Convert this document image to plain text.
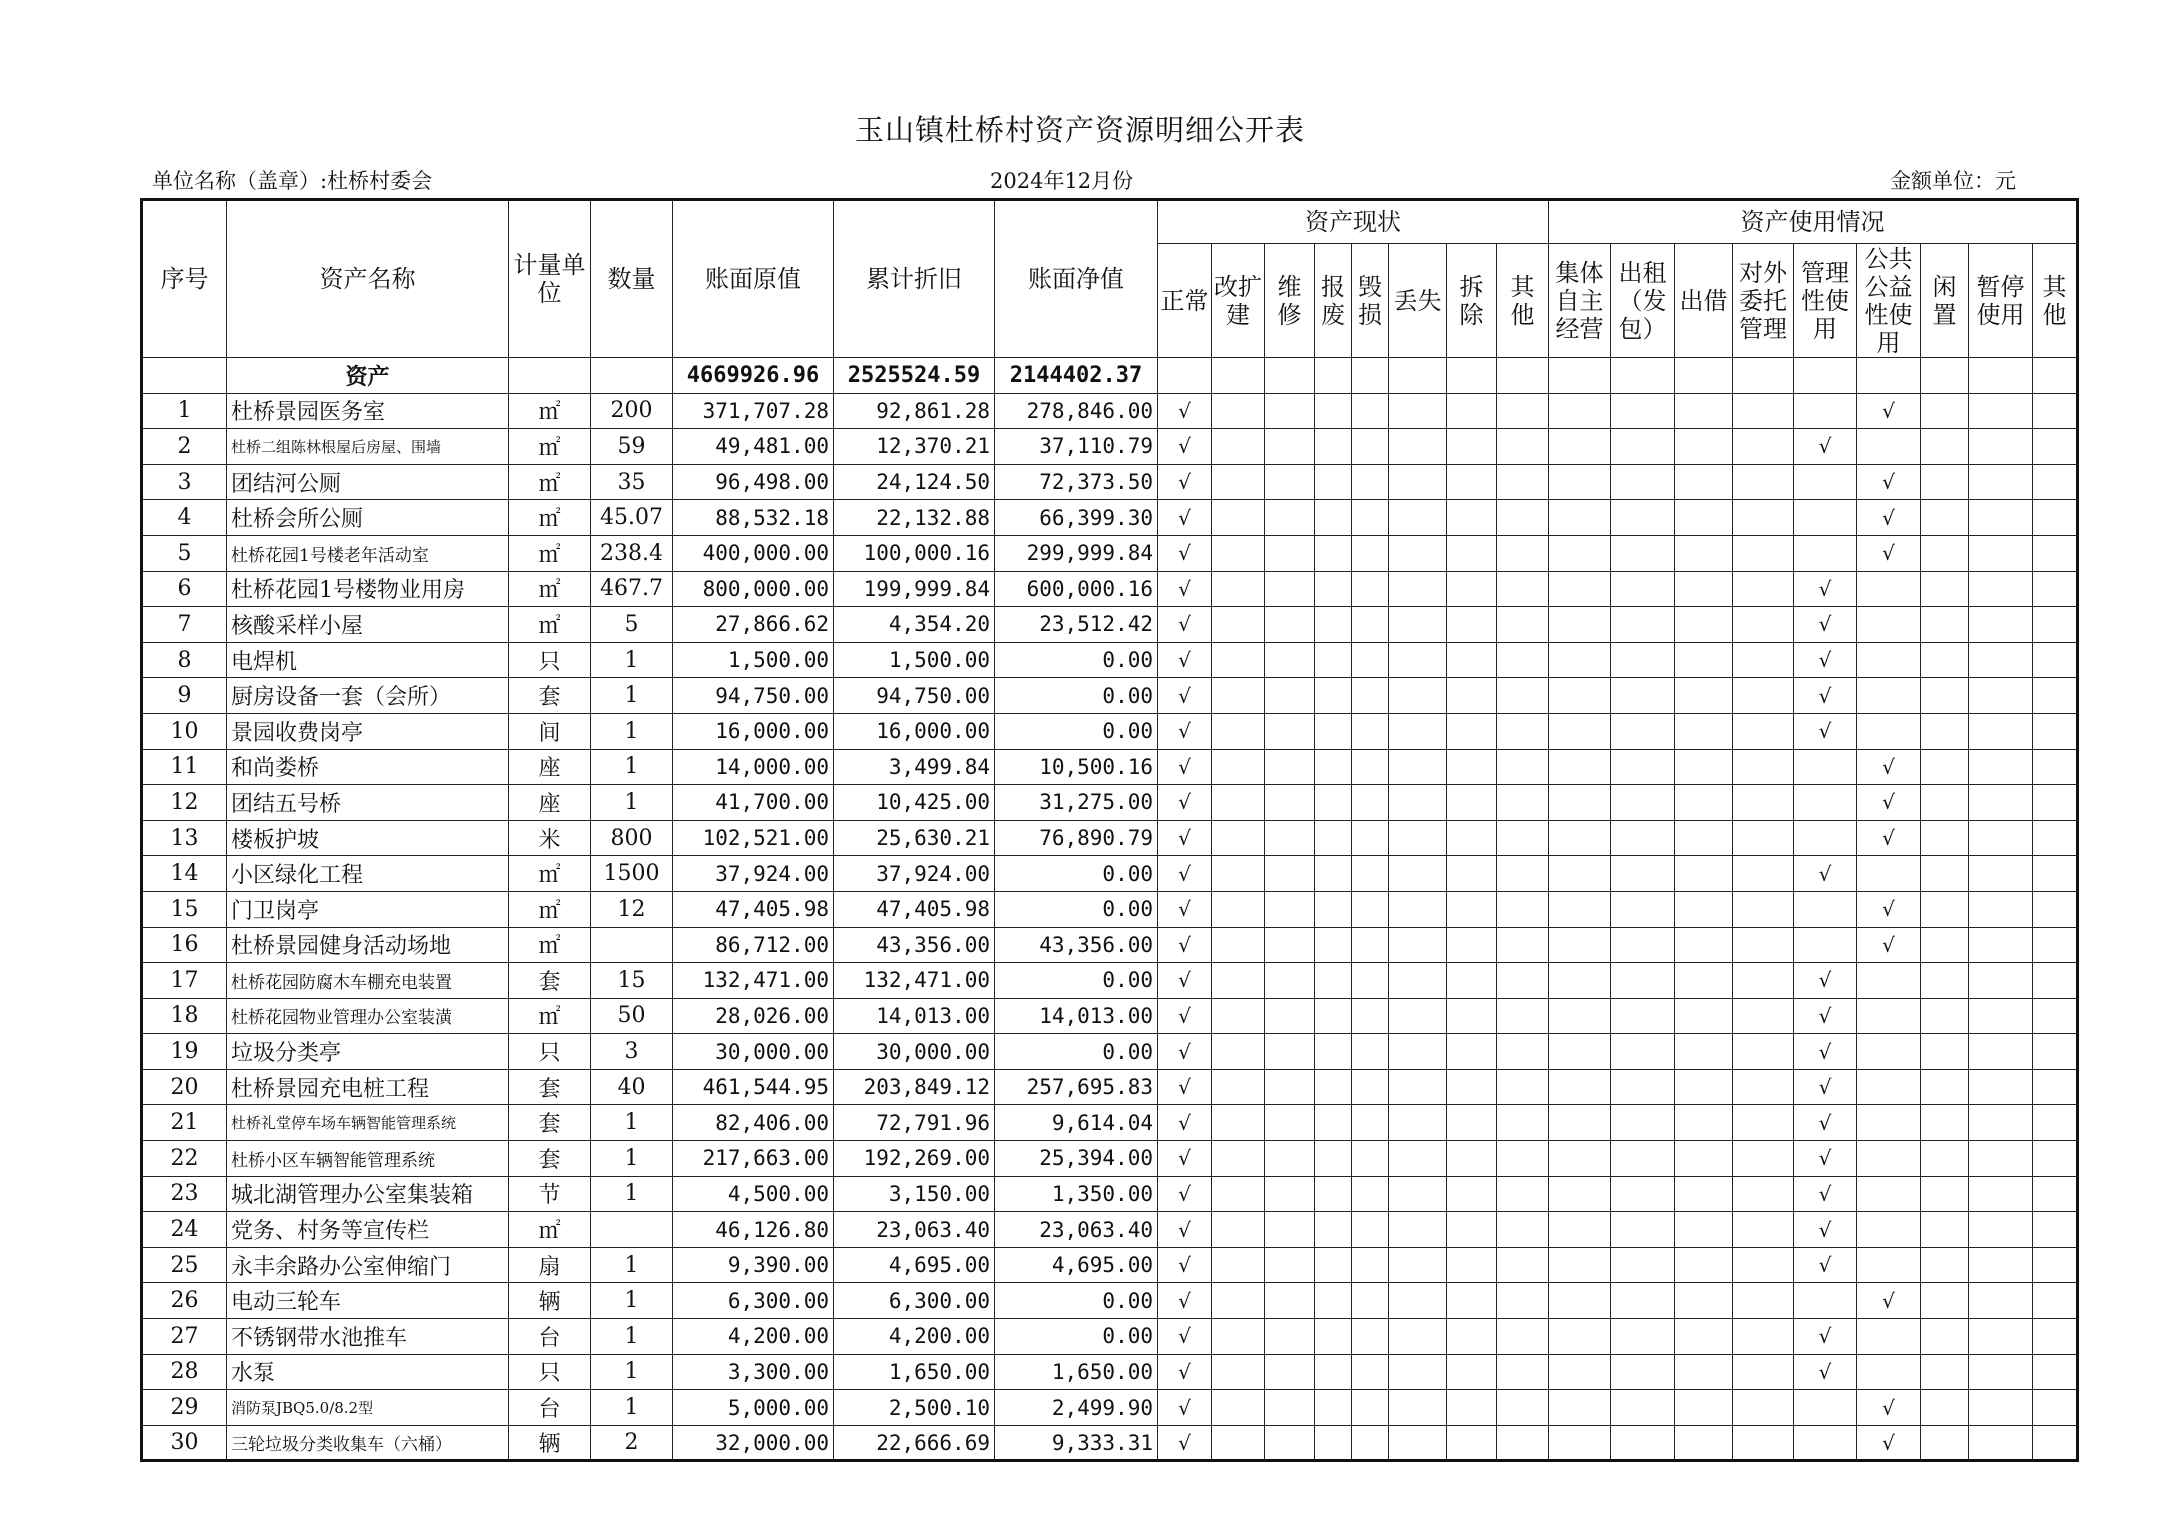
玉山镇杜桥村资产资源明细公开表
单位名称（盖章）:杜桥村委会	2024年12月份	金额单位：元
序号	资产名称	计量单位	数量	账面原值	累计折旧	账面净值	资产现状								资产使用情况								
							正常	改扩建	维修	报废	毁损	丢失	拆除	其他	集体自主经营	出租（发包）	出借	对外委托管理	管理性使用	公共公益性使用	闲置	暂停使用	其他
	资产			4669926.96	2525524.59	2144402.37																	
1	杜桥景园医务室	㎡	200	371,707.28	92,861.28	278,846.00	√													√			
2	杜桥二组陈林根屋后房屋、围墙	㎡	59	49,481.00	12,370.21	37,110.79	√												√				
3	团结河公厕	㎡	35	96,498.00	24,124.50	72,373.50	√													√			
4	杜桥会所公厕	㎡	45.07	88,532.18	22,132.88	66,399.30	√													√			
5	杜桥花园1号楼老年活动室	㎡	238.4	400,000.00	100,000.16	299,999.84	√													√			
6	杜桥花园1号楼物业用房	㎡	467.7	800,000.00	199,999.84	600,000.16	√												√				
7	核酸采样小屋	㎡	5	27,866.62	4,354.20	23,512.42	√												√				
8	电焊机	只	1	1,500.00	1,500.00	0.00	√												√				
9	厨房设备一套（会所）	套	1	94,750.00	94,750.00	0.00	√												√				
10	景园收费岗亭	间	1	16,000.00	16,000.00	0.00	√												√				
11	和尚娄桥	座	1	14,000.00	3,499.84	10,500.16	√													√			
12	团结五号桥	座	1	41,700.00	10,425.00	31,275.00	√													√			
13	楼板护坡	米	800	102,521.00	25,630.21	76,890.79	√													√			
14	小区绿化工程	㎡	1500	37,924.00	37,924.00	0.00	√												√				
15	门卫岗亭	㎡	12	47,405.98	47,405.98	0.00	√													√			
16	杜桥景园健身活动场地	㎡		86,712.00	43,356.00	43,356.00	√													√			
17	杜桥花园防腐木车棚充电装置	套	15	132,471.00	132,471.00	0.00	√												√				
18	杜桥花园物业管理办公室装潢	㎡	50	28,026.00	14,013.00	14,013.00	√												√				
19	垃圾分类亭	只	3	30,000.00	30,000.00	0.00	√												√				
20	杜桥景园充电桩工程	套	40	461,544.95	203,849.12	257,695.83	√												√				
21	杜桥礼堂停车场车辆智能管理系统	套	1	82,406.00	72,791.96	9,614.04	√												√				
22	杜桥小区车辆智能管理系统	套	1	217,663.00	192,269.00	25,394.00	√												√				
23	城北湖管理办公室集装箱	节	1	4,500.00	3,150.00	1,350.00	√												√				
24	党务、村务等宣传栏	㎡		46,126.80	23,063.40	23,063.40	√												√				
25	永丰余路办公室伸缩门	扇	1	9,390.00	4,695.00	4,695.00	√												√				
26	电动三轮车	辆	1	6,300.00	6,300.00	0.00	√													√			
27	不锈钢带水池推车	台	1	4,200.00	4,200.00	0.00	√												√				
28	水泵	只	1	3,300.00	1,650.00	1,650.00	√												√				
29	消防泵JBQ5.0/8.2型	台	1	5,000.00	2,500.10	2,499.90	√													√			
30	三轮垃圾分类收集车（六桶）	辆	2	32,000.00	22,666.69	9,333.31	√													√			
